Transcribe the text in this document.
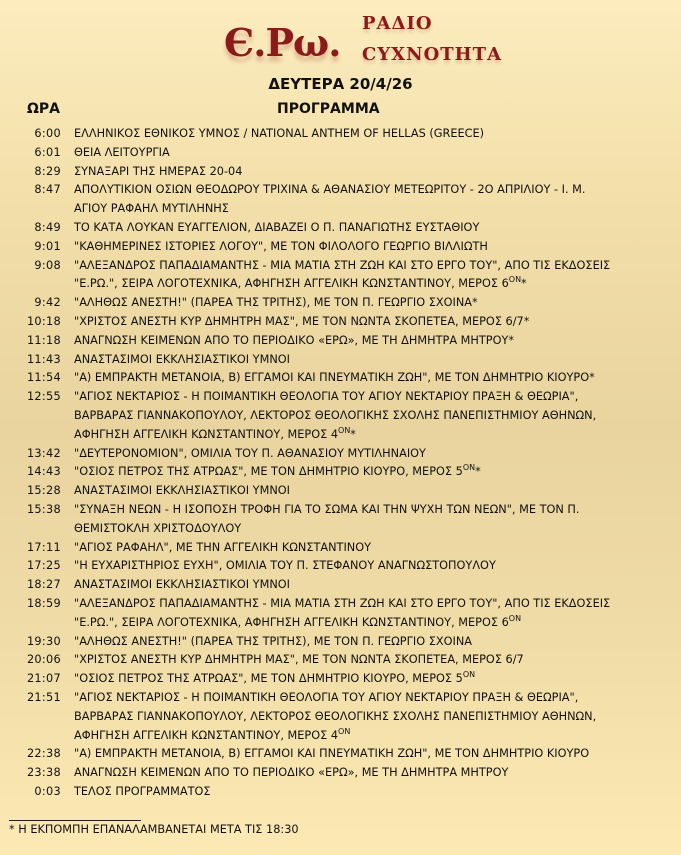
Є.Ρω. ΡΑΔΙΟ
ϹΥΧΝΟΤΗΤΑ
ΔΕΥΤΕΡΑ 20/4/26
ΩΡΑ	ΠΡΟΓΡΑΜΜΑ
6:00	ΕΛΛΗΝΙΚΟΣ ΕΘΝΙΚΟΣ ΥΜΝΟΣ / NATIONAL ANTHEM OF HELLAS (GREECE)
6:01	ΘΕΙΑ ΛΕΙΤΟΥΡΓΙΑ
8:29	ΣΥΝΑΞΑΡΙ ΤΗΣ ΗΜΕΡΑΣ 20-04
8:47	ΑΠΟΛΥΤΙΚΙΟΝ ΟΣΙΩΝ ΘΕΟΔΩΡΟΥ ΤΡΙΧΙΝΑ & ΑΘΑΝΑΣΙΟΥ ΜΕΤΕΩΡΙΤΟΥ - 2Ο ΑΠΡΙΛΙΟΥ - Ι. Μ.
ΑΓΙΟΥ ΡΑΦΑΗΛ ΜΥΤΙΛΗΝΗΣ
8:49	ΤΟ ΚΑΤΑ ΛΟΥΚΑΝ ΕΥΑΓΓΕΛΙΟΝ, ΔΙΑΒΑΖΕΙ Ο Π. ΠΑΝΑΓΙΩΤΗΣ ΕΥΣΤΑΘΙΟΥ
9:01	"ΚΑΘΗΜΕΡΙΝΕΣ ΙΣΤΟΡΙΕΣ ΛΟΓΟΥ", ΜΕ ΤΟΝ ΦΙΛΟΛΟΓΟ ΓΕΩΡΓΙΟ ΒΙΛΛΙΩΤΗ
9:08	"ΑΛΕΞΑΝΔΡΟΣ ΠΑΠΑΔΙΑΜΑΝΤΗΣ - ΜΙΑ ΜΑΤΙΑ ΣΤΗ ΖΩΗ ΚΑΙ ΣΤΟ ΕΡΓΟ ΤΟΥ", ΑΠΟ ΤΙΣ ΕΚΔΟΣΕΙΣ
"Ε.ΡΩ.", ΣΕΙΡΑ ΛΟΓΟΤΕΧΝΙΚΑ, ΑΦΗΓΗΣΗ ΑΓΓΕΛΙΚΗ ΚΩΝΣΤΑΝΤΙΝΟΥ, ΜΕΡΟΣ $6^{ON}*$
9:42	"ΑΛΗΘΩΣ ΑΝΕΣΤΗ!" (ΠΑΡΕΑ ΤΗΣ ΤΡΙΤΗΣ), ΜΕ ΤΟΝ Π. ΓΕΩΡΓΙΟ ΣΧΟΙΝΑ*
10:18	"ΧΡΙΣΤΟΣ ΑΝΕΣΤΗ ΚΥΡ ΔΗΜΗΤΡΗ ΜΑΣ", ΜΕ ΤΟΝ ΝΩΝΤΑ ΣΚΟΠΕΤΕΑ, ΜΕΡΟΣ 6/7*
11:18	ΑΝΑΓΝΩΣΗ ΚΕΙΜΕΝΩΝ ΑΠΟ ΤΟ ΠΕΡΙΟΔΙΚΟ «ΕΡΩ», ΜΕ ΤΗ ΔΗΜΗΤΡΑ ΜΗΤΡΟΥ*
11:43	ΑΝΑΣΤΑΣΙΜΟΙ ΕΚΚΛΗΣΙΑΣΤΙΚΟΙ ΥΜΝΟΙ
11:54	"Α) ΕΜΠΡΑΚΤΗ ΜΕΤΑΝΟΙΑ, Β) ΕΓΓΑΜΟΙ ΚΑΙ ΠΝΕΥΜΑΤΙΚΗ ΖΩΗ", ΜΕ ΤΟΝ ΔΗΜΗΤΡΙΟ ΚΙΟΥΡΟ*
12:55	"ΑΓΙΟΣ ΝΕΚΤΑΡΙΟΣ - Η ΠΟΙΜΑΝΤΙΚΗ ΘΕΟΛΟΓΙΑ ΤΟΥ ΑΓΙΟΥ ΝΕΚΤΑΡΙΟΥ ΠΡΑΞΗ & ΘΕΩΡΙΑ",
ΒΑΡΒΑΡΑΣ ΓΙΑΝΝΑΚΟΠΟΥΛΟΥ, ΛΕΚΤΟΡΟΣ ΘΕΟΛΟΓΙΚΗΣ ΣΧΟΛΗΣ ΠΑΝΕΠΙΣΤΗΜΙΟΥ ΑΘΗΝΩΝ,
ΑΦΗΓΗΣΗ ΑΓΓΕΛΙΚΗ ΚΩΝΣΤΑΝΤΙΝΟΥ, ΜΕΡΟΣ $4^{ON}*$
13:42	"ΔΕΥΤΕΡΟΝΟΜΙΟΝ", ΟΜΙΛΙΑ ΤΟΥ Π. ΑΘΑΝΑΣΙΟΥ ΜΥΤΙΛΗΝΑΙΟΥ
14:43	"ΟΣΙΟΣ ΠΕΤΡΟΣ ΤΗΣ ΑΤΡΩΑΣ", ΜΕ ΤΟΝ ΔΗΜΗΤΡΙΟ ΚΙΟΥΡΟ, ΜΕΡΟΣ $5^{ON}*$
15:28	ΑΝΑΣΤΑΣΙΜΟΙ ΕΚΚΛΗΣΙΑΣΤΙΚΟΙ ΥΜΝΟΙ
15:38	"ΣΥΝΑΞΗ ΝΕΩΝ - Η ΙΣΟΠΟΣΗ ΤΡΟΦΗ ΓΙΑ ΤΟ ΣΩΜΑ ΚΑΙ ΤΗΝ ΨΥΧΗ ΤΩΝ ΝΕΩΝ", ΜΕ ΤΟΝ Π.
ΘΕΜΙΣΤΟΚΛΗ ΧΡΙΣΤΟΔΟΥΛΟΥ
17:11	"ΑΓΙΟΣ ΡΑΦΑΗΛ", ΜΕ ΤΗΝ ΑΓΓΕΛΙΚΗ ΚΩΝΣΤΑΝΤΙΝΟΥ
17:25	"Η ΕΥΧΑΡΙΣΤΗΡΙΟΣ ΕΥΧΗ", ΟΜΙΛΙΑ ΤΟΥ Π. ΣΤΕΦΑΝΟΥ ΑΝΑΓΝΩΣΤΟΠΟΥΛΟΥ
18:27	ΑΝΑΣΤΑΣΙΜΟΙ ΕΚΚΛΗΣΙΑΣΤΙΚΟΙ ΥΜΝΟΙ
18:59	"ΑΛΕΞΑΝΔΡΟΣ ΠΑΠΑΔΙΑΜΑΝΤΗΣ - ΜΙΑ ΜΑΤΙΑ ΣΤΗ ΖΩΗ ΚΑΙ ΣΤΟ ΕΡΓΟ ΤΟΥ", ΑΠΟ ΤΙΣ ΕΚΔΟΣΕΙΣ
"Ε.ΡΩ.", ΣΕΙΡΑ ΛΟΓΟΤΕΧΝΙΚΑ, ΑΦΗΓΗΣΗ ΑΓΓΕΛΙΚΗ ΚΩΝΣΤΑΝΤΙΝΟΥ, ΜΕΡΟΣ $6^{ON}$
19:30	"ΑΛΗΘΩΣ ΑΝΕΣΤΗ!" (ΠΑΡΕΑ ΤΗΣ ΤΡΙΤΗΣ), ΜΕ ΤΟΝ Π. ΓΕΩΡΓΙΟ ΣΧΟΙΝΑ
20:06	"ΧΡΙΣΤΟΣ ΑΝΕΣΤΗ ΚΥΡ ΔΗΜΗΤΡΗ ΜΑΣ", ΜΕ ΤΟΝ ΝΩΝΤΑ ΣΚΟΠΕΤΕΑ, ΜΕΡΟΣ 6/7
21:07	"ΟΣΙΟΣ ΠΕΤΡΟΣ ΤΗΣ ΑΤΡΩΑΣ", ΜΕ ΤΟΝ ΔΗΜΗΤΡΙΟ ΚΙΟΥΡΟ, ΜΕΡΟΣ $5^{ON}$
21:51	"ΑΓΙΟΣ ΝΕΚΤΑΡΙΟΣ - Η ΠΟΙΜΑΝΤΙΚΗ ΘΕΟΛΟΓΙΑ ΤΟΥ ΑΓΙΟΥ ΝΕΚΤΑΡΙΟΥ ΠΡΑΞΗ & ΘΕΩΡΙΑ",
ΒΑΡΒΑΡΑΣ ΓΙΑΝΝΑΚΟΠΟΥΛΟΥ, ΛΕΚΤΟΡΟΣ ΘΕΟΛΟΓΙΚΗΣ ΣΧΟΛΗΣ ΠΑΝΕΠΙΣΤΗΜΙΟΥ ΑΘΗΝΩΝ,
ΑΦΗΓΗΣΗ ΑΓΓΕΛΙΚΗ ΚΩΝΣΤΑΝΤΙΝΟΥ, ΜΕΡΟΣ $4^{ON}$
22:38	"Α) ΕΜΠΡΑΚΤΗ ΜΕΤΑΝΟΙΑ, Β) ΕΓΓΑΜΟΙ ΚΑΙ ΠΝΕΥΜΑΤΙΚΗ ΖΩΗ", ΜΕ ΤΟΝ ΔΗΜΗΤΡΙΟ ΚΙΟΥΡΟ
23:38	ΑΝΑΓΝΩΣΗ ΚΕΙΜΕΝΩΝ ΑΠΟ ΤΟ ΠΕΡΙΟΔΙΚΟ «ΕΡΩ», ΜΕ ΤΗ ΔΗΜΗΤΡΑ ΜΗΤΡΟΥ
0:03	ΤΕΛΟΣ ΠΡΟΓΡΑΜΜΑΤΟΣ
* Η ΕΚΠΟΜΠΗ ΕΠΑΝΑΛΑΜΒΑΝΕΤΑΙ ΜΕΤΑ ΤΙΣ 18:30
